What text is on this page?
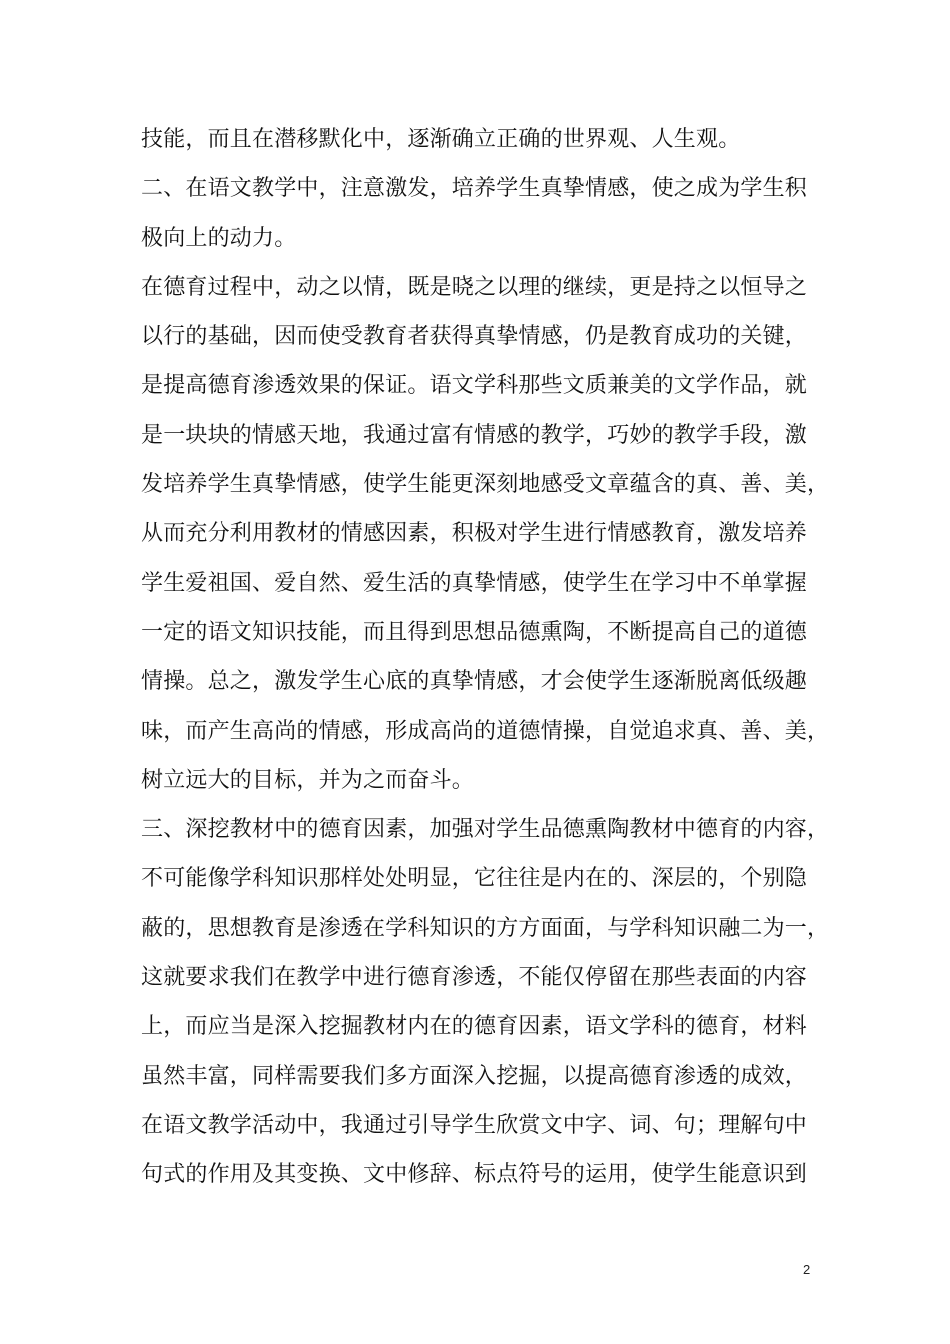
技能，而且在潜移默化中，逐渐确立正确的世界观、人生观。
二、在语文教学中，注意激发，培养学生真挚情感，使之成为学生积
极向上的动力。
在德育过程中，动之以情，既是晓之以理的继续，更是持之以恒导之
以行的基础，因而使受教育者获得真挚情感，仍是教育成功的关键，
是提高德育渗透效果的保证。语文学科那些文质兼美的文学作品，就
是一块块的情感天地，我通过富有情感的教学，巧妙的教学手段，激
发培养学生真挚情感，使学生能更深刻地感受文章蕴含的真、善、美，
从而充分利用教材的情感因素，积极对学生进行情感教育，激发培养
学生爱祖国、爱自然、爱生活的真挚情感，使学生在学习中不单掌握
一定的语文知识技能，而且得到思想品德熏陶，不断提高自己的道德
情操。总之，激发学生心底的真挚情感，才会使学生逐渐脱离低级趣
味，而产生高尚的情感，形成高尚的道德情操，自觉追求真、善、美，
树立远大的目标，并为之而奋斗。
三、深挖教材中的德育因素，加强对学生品德熏陶教材中德育的内容，
不可能像学科知识那样处处明显，它往往是内在的、深层的，个别隐
蔽的，思想教育是渗透在学科知识的方方面面，与学科知识融二为一，
这就要求我们在教学中进行德育渗透，不能仅停留在那些表面的内容
上，而应当是深入挖掘教材内在的德育因素，语文学科的德育，材料
虽然丰富，同样需要我们多方面深入挖掘，以提高德育渗透的成效，
在语文教学活动中，我通过引导学生欣赏文中字、词、句；理解句中
句式的作用及其变换、文中修辞、标点符号的运用，使学生能意识到
2
